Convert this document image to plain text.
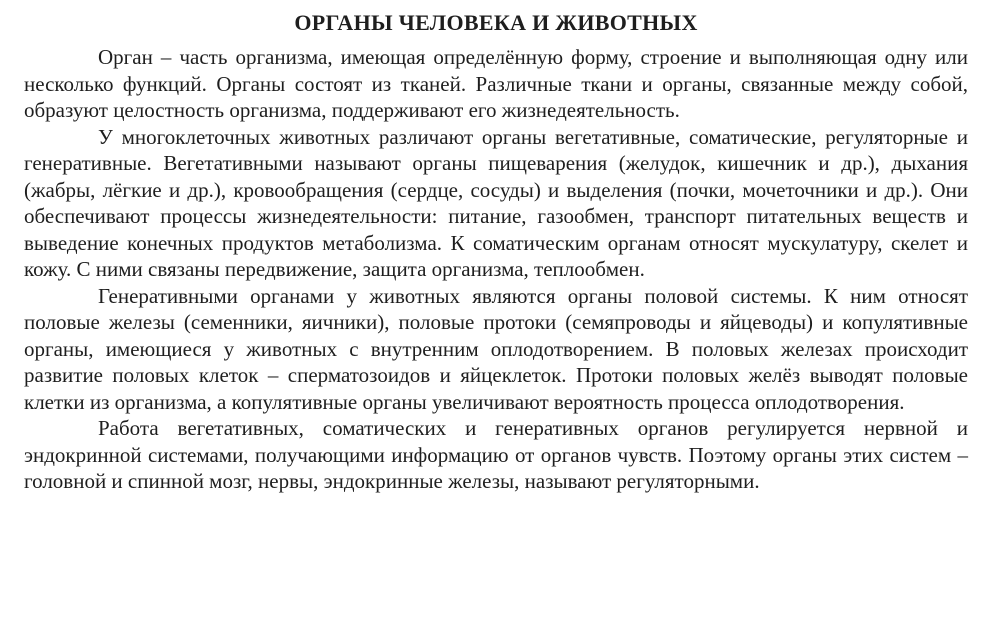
ОРГАНЫ ЧЕЛОВЕКА И ЖИВОТНЫХ

Орган – часть организма, имеющая определённую форму, строение и выполняющая одну или несколько функций. Органы состоят из тканей. Различные ткани и органы, связанные между собой, образуют целостность организма, поддерживают его жизнедеятельность.

У многоклеточных животных различают органы вегетативные, соматические, регуляторные и генеративные. Вегетативными называют органы пищеварения (желудок, кишечник и др.), дыхания (жабры, лёгкие и др.), кровообращения (сердце, сосуды) и выделения (почки, мочеточники и др.). Они обеспечивают процессы жизнедеятельности: питание, газообмен, транспорт питательных веществ и выведение конечных продуктов метаболизма. К соматическим органам относят мускулатуру, скелет и кожу. С ними связаны передвижение, защита организма, теплообмен.

Генеративными органами у животных являются органы половой системы. К ним относят половые железы (семенники, яичники), половые протоки (семяпроводы и яйцеводы) и копулятивные органы, имеющиеся у животных с внутренним оплодотворением. В половых железах происходит развитие половых клеток – сперматозоидов и яйцеклеток. Протоки половых желёз выводят половые клетки из организма, а копулятивные органы увеличивают вероятность процесса оплодотворения.

Работа вегетативных, соматических и генеративных органов регулируется нервной и эндокринной системами, получающими информацию от органов чувств. Поэтому органы этих систем – головной и спинной мозг, нервы, эндокринные железы, называют регуляторными.
